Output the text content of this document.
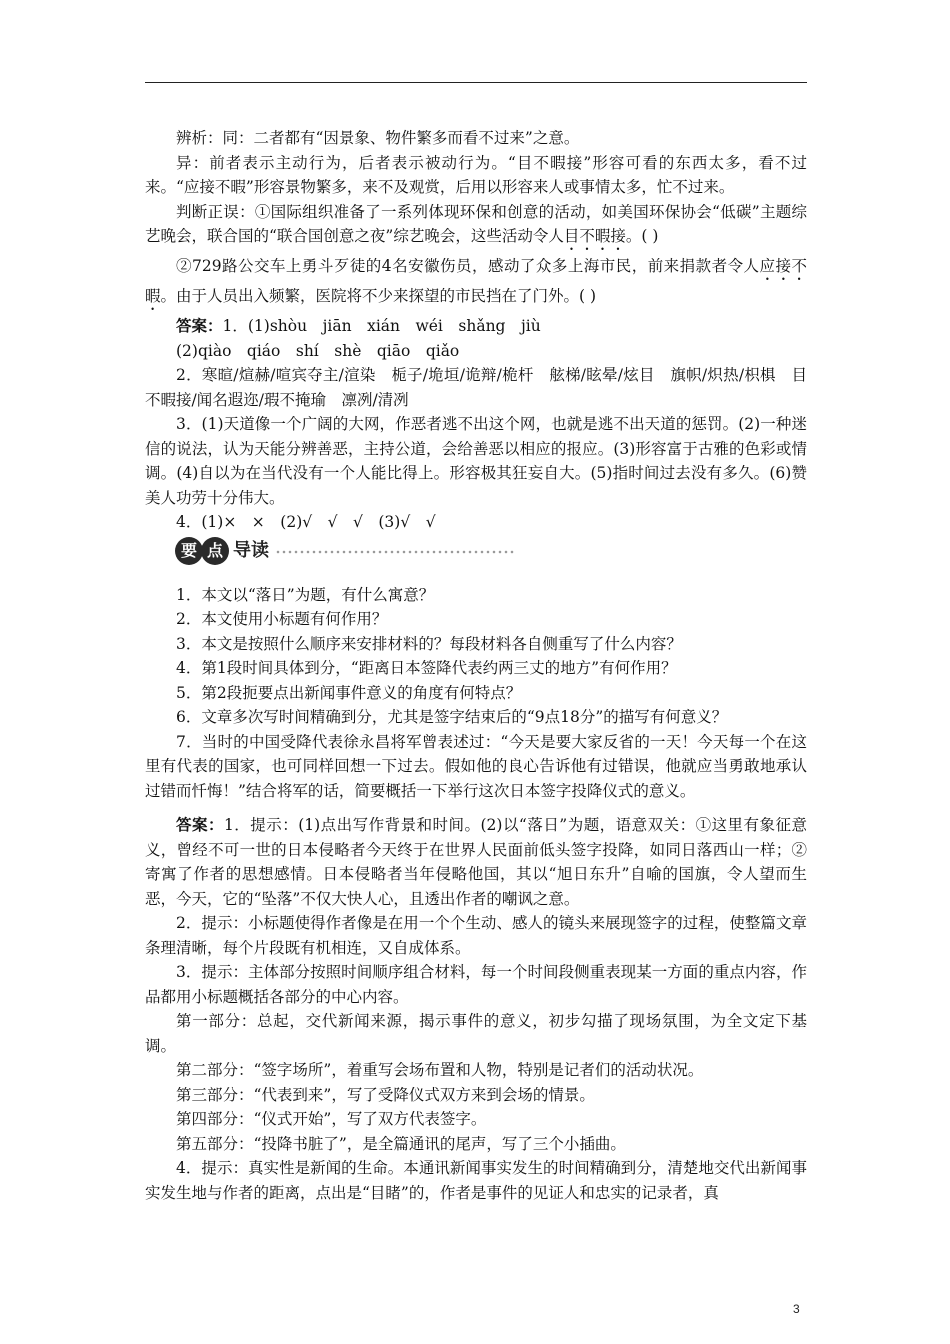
辨析：同：二者都有“因景象、物件繁多而看不过来”之意。

异：前者表示主动行为，后者表示被动行为。“目不暇接”形容可看的东西太多，看不过来。“应接不暇”形容景物繁多，来不及观赏，后用以形容来人或事情太多，忙不过来。

判断正误：①国际组织准备了一系列体现环保和创意的活动，如美国环保协会“低碳”主题综艺晚会，联合国的“联合国创意之夜”综艺晚会，这些活动令人目不暇接。( )

②729路公交车上勇斗歹徒的4名安徽伤员，感动了众多上海市民，前来捐款者令人应接不暇。由于人员出入频繁，医院将不少来探望的市民挡在了门外。( )

答案：1．(1)shòu　jiān　xián　wéi　shǎng　jiù

(2)qiào　qiáo　shí　shè　qiāo　qiǎo

2．寒暄/煊赫/喧宾夺主/渲染　栀子/垝垣/诡辩/桅杆　舷梯/眩晕/炫目　旗帜/炽热/枳椇　目不暇接/闻名遐迩/瑕不掩瑜　凛冽/清冽

3．(1)天道像一个广阔的大网，作恶者逃不出这个网，也就是逃不出天道的惩罚。(2)一种迷信的说法，认为天能分辨善恶，主持公道，会给善恶以相应的报应。(3)形容富于古雅的色彩或情调。(4)自以为在当代没有一个人能比得上。形容极其狂妄自大。(5)指时间过去没有多久。(6)赞美人功劳十分伟大。

4．(1)×　×　(2)√　√　√　(3)√　√

要 点 导读

1．本文以“落日”为题，有什么寓意？

2．本文使用小标题有何作用？

3．本文是按照什么顺序来安排材料的？每段材料各自侧重写了什么内容？

4．第1段时间具体到分，“距离日本签降代表约两三丈的地方”有何作用？

5．第2段扼要点出新闻事件意义的角度有何特点？

6．文章多次写时间精确到分，尤其是签字结束后的“9点18分”的描写有何意义？

7．当时的中国受降代表徐永昌将军曾表述过：“今天是要大家反省的一天！今天每一个在这里有代表的国家，也可同样回想一下过去。假如他的良心告诉他有过错误，他就应当勇敢地承认过错而忏悔！”结合将军的话，简要概括一下举行这次日本签字投降仪式的意义。

答案：1．提示：(1)点出写作背景和时间。(2)以“落日”为题，语意双关：①这里有象征意义，曾经不可一世的日本侵略者今天终于在世界人民面前低头签字投降，如同日落西山一样；②寄寓了作者的思想感情。日本侵略者当年侵略他国，其以“旭日东升”自喻的国旗，令人望而生恶，今天，它的“坠落”不仅大快人心，且透出作者的嘲讽之意。

2．提示：小标题使得作者像是在用一个个生动、感人的镜头来展现签字的过程，使整篇文章条理清晰，每个片段既有机相连，又自成体系。

3．提示：主体部分按照时间顺序组合材料，每一个时间段侧重表现某一方面的重点内容，作品都用小标题概括各部分的中心内容。

第一部分：总起，交代新闻来源，揭示事件的意义，初步勾描了现场氛围，为全文定下基调。

第二部分：“签字场所”，着重写会场布置和人物，特别是记者们的活动状况。

第三部分：“代表到来”，写了受降仪式双方来到会场的情景。

第四部分：“仪式开始”，写了双方代表签字。

第五部分：“投降书脏了”，是全篇通讯的尾声，写了三个小插曲。

4．提示：真实性是新闻的生命。本通讯新闻事实发生的时间精确到分，清楚地交代出新闻事实发生地与作者的距离，点出是“目睹”的，作者是事件的见证人和忠实的记录者，真

3
